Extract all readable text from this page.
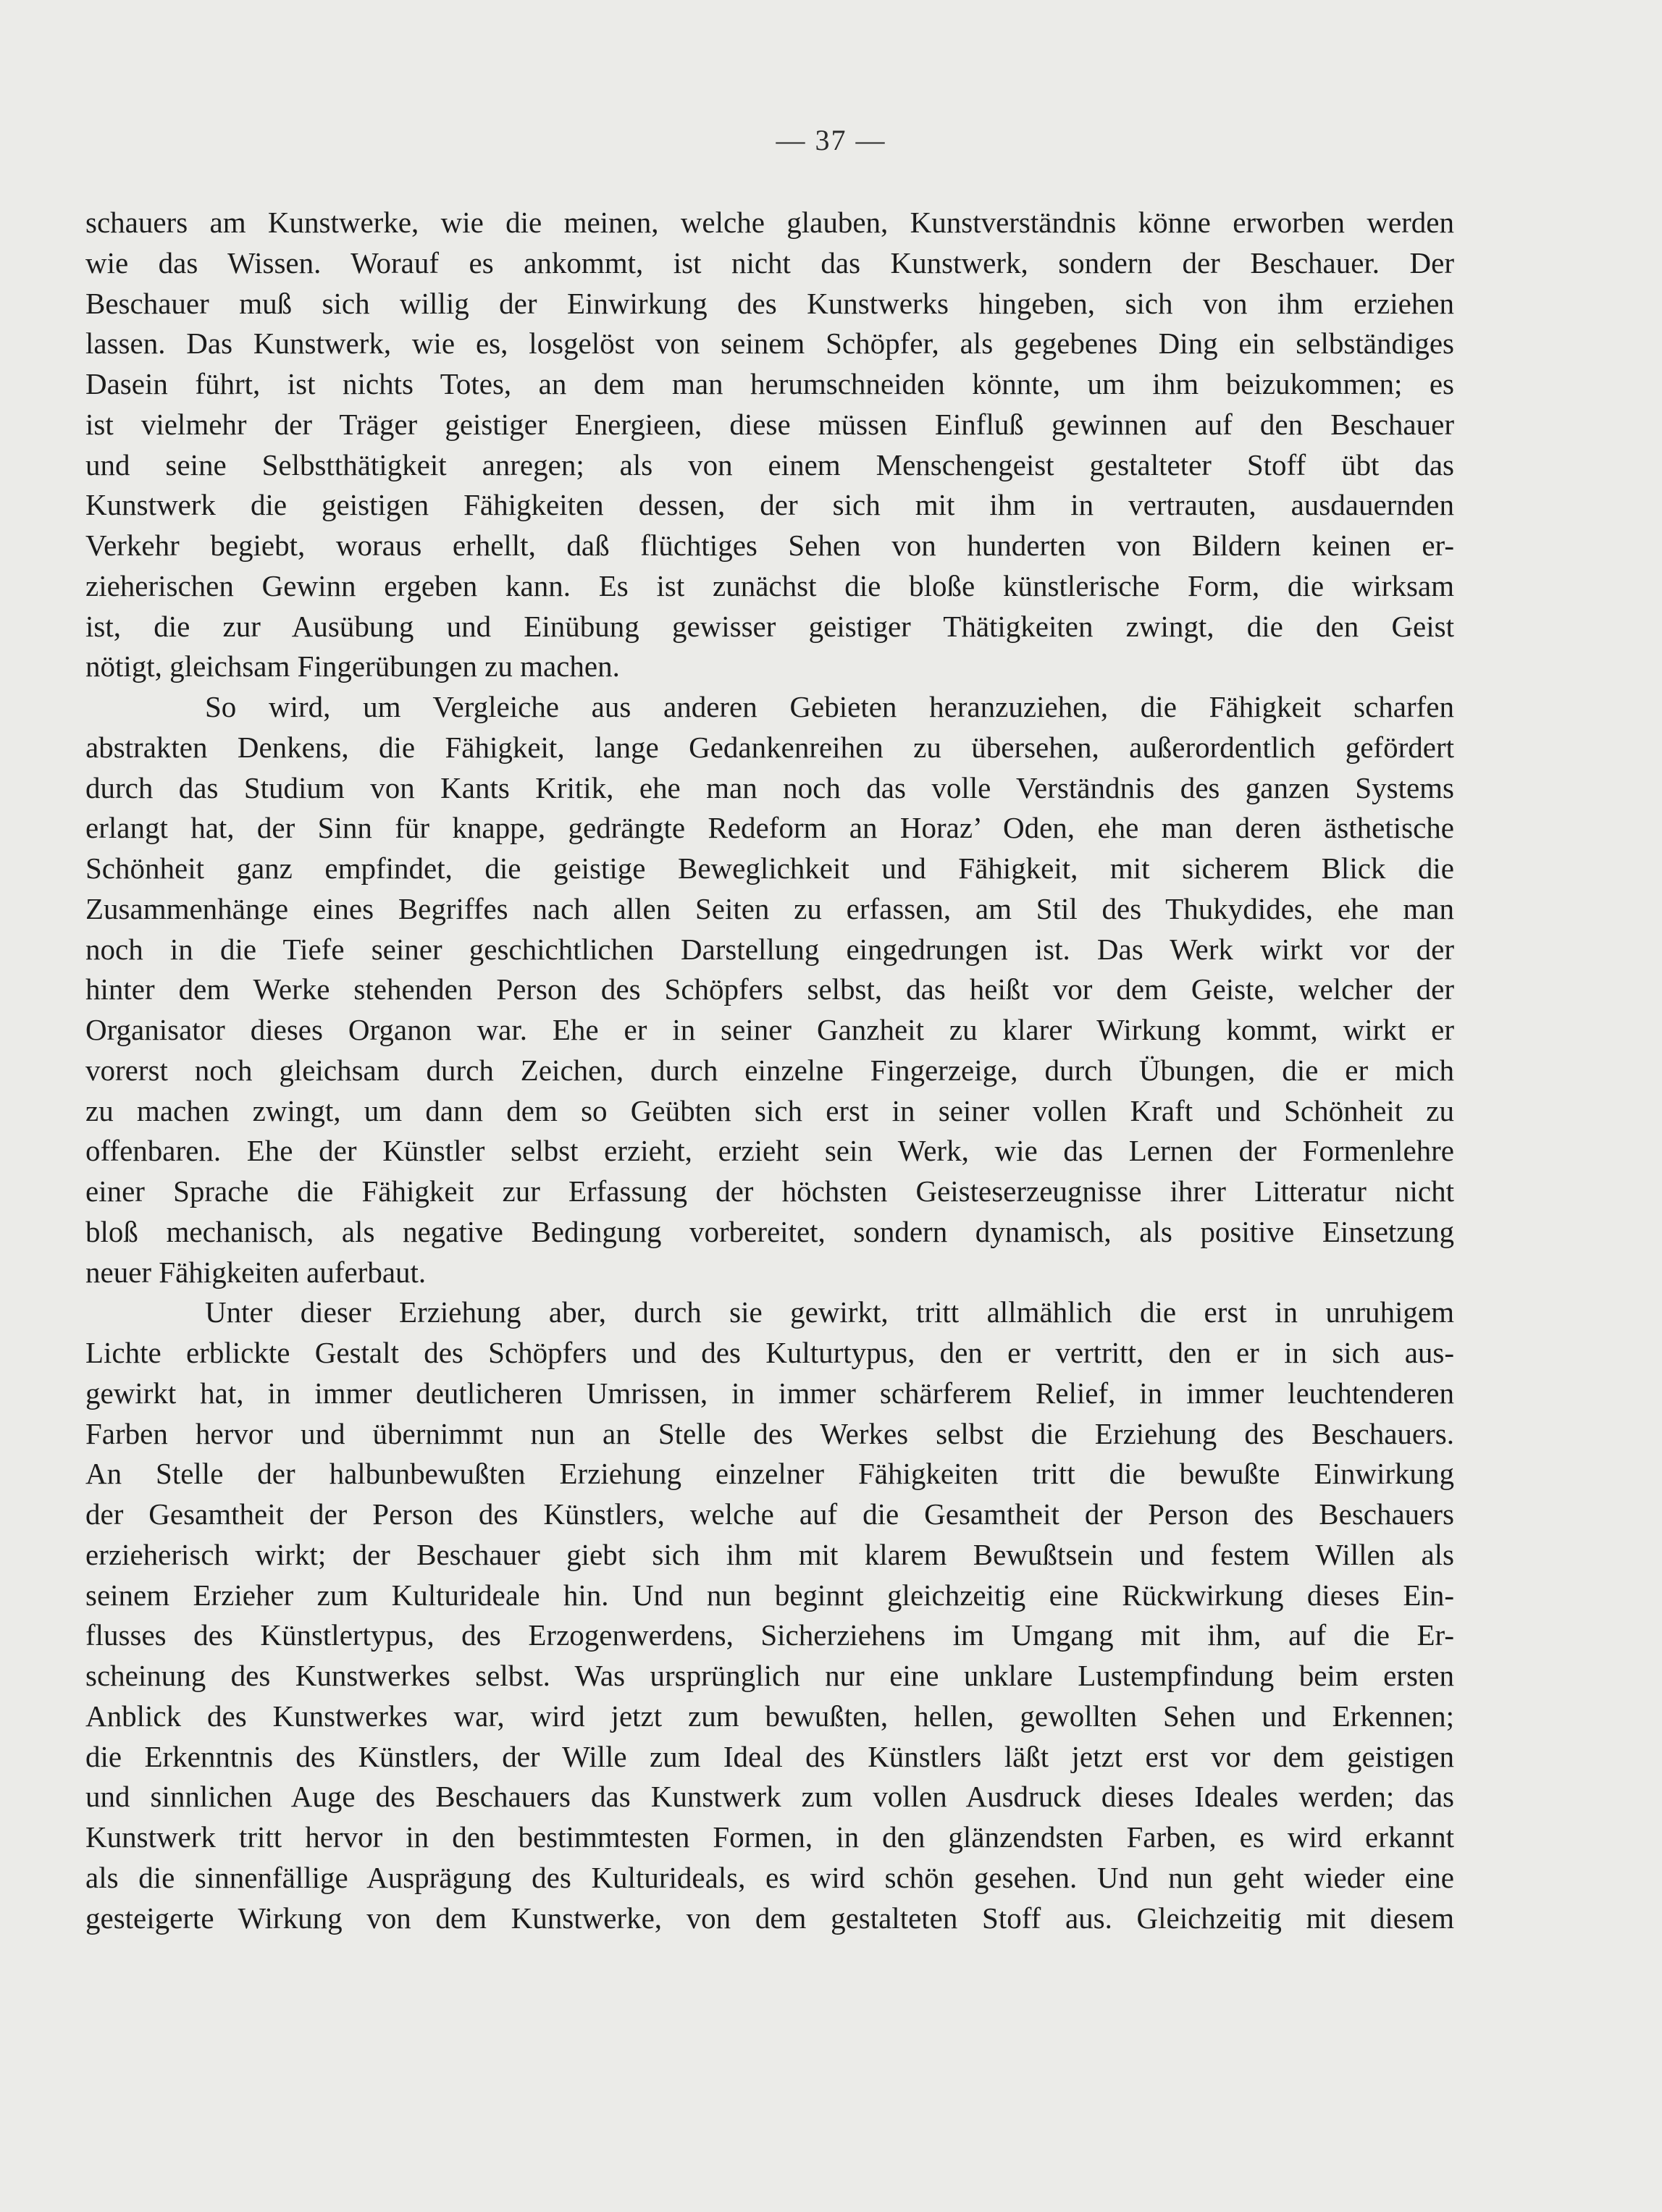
— 37 —
schauers am Kunstwerke, wie die meinen, welche glauben, Kunstverständnis könne erworben werden
wie das Wissen. Worauf es ankommt, ist nicht das Kunstwerk, sondern der Beschauer. Der
Beschauer muß sich willig der Einwirkung des Kunstwerks hingeben, sich von ihm erziehen
lassen. Das Kunstwerk, wie es, losgelöst von seinem Schöpfer, als gegebenes Ding ein selbständiges
Dasein führt, ist nichts Totes, an dem man herumschneiden könnte, um ihm beizukommen; es
ist vielmehr der Träger geistiger Energieen, diese müssen Einfluß gewinnen auf den Beschauer
und seine Selbstthätigkeit anregen; als von einem Menschengeist gestalteter Stoff übt das
Kunstwerk die geistigen Fähigkeiten dessen, der sich mit ihm in vertrauten, ausdauernden
Verkehr begiebt, woraus erhellt, daß flüchtiges Sehen von hunderten von Bildern keinen er-
zieherischen Gewinn ergeben kann. Es ist zunächst die bloße künstlerische Form, die wirksam
ist, die zur Ausübung und Einübung gewisser geistiger Thätigkeiten zwingt, die den Geist
nötigt, gleichsam Fingerübungen zu machen.
So wird, um Vergleiche aus anderen Gebieten heranzuziehen, die Fähigkeit scharfen
abstrakten Denkens, die Fähigkeit, lange Gedankenreihen zu übersehen, außerordentlich gefördert
durch das Studium von Kants Kritik, ehe man noch das volle Verständnis des ganzen Systems
erlangt hat, der Sinn für knappe, gedrängte Redeform an Horaz’ Oden, ehe man deren ästhetische
Schönheit ganz empfindet, die geistige Beweglichkeit und Fähigkeit, mit sicherem Blick die
Zusammenhänge eines Begriffes nach allen Seiten zu erfassen, am Stil des Thukydides, ehe man
noch in die Tiefe seiner geschichtlichen Darstellung eingedrungen ist. Das Werk wirkt vor der
hinter dem Werke stehenden Person des Schöpfers selbst, das heißt vor dem Geiste, welcher der
Organisator dieses Organon war. Ehe er in seiner Ganzheit zu klarer Wirkung kommt, wirkt er
vorerst noch gleichsam durch Zeichen, durch einzelne Fingerzeige, durch Übungen, die er mich
zu machen zwingt, um dann dem so Geübten sich erst in seiner vollen Kraft und Schönheit zu
offenbaren. Ehe der Künstler selbst erzieht, erzieht sein Werk, wie das Lernen der Formenlehre
einer Sprache die Fähigkeit zur Erfassung der höchsten Geisteserzeugnisse ihrer Litteratur nicht
bloß mechanisch, als negative Bedingung vorbereitet, sondern dynamisch, als positive Einsetzung
neuer Fähigkeiten auferbaut.
Unter dieser Erziehung aber, durch sie gewirkt, tritt allmählich die erst in unruhigem
Lichte erblickte Gestalt des Schöpfers und des Kulturtypus, den er vertritt, den er in sich aus-
gewirkt hat, in immer deutlicheren Umrissen, in immer schärferem Relief, in immer leuchtenderen
Farben hervor und übernimmt nun an Stelle des Werkes selbst die Erziehung des Beschauers.
An Stelle der halbunbewußten Erziehung einzelner Fähigkeiten tritt die bewußte Einwirkung
der Gesamtheit der Person des Künstlers, welche auf die Gesamtheit der Person des Beschauers
erzieherisch wirkt; der Beschauer giebt sich ihm mit klarem Bewußtsein und festem Willen als
seinem Erzieher zum Kulturideale hin. Und nun beginnt gleichzeitig eine Rückwirkung dieses Ein-
flusses des Künstlertypus, des Erzogenwerdens, Sicherziehens im Umgang mit ihm, auf die Er-
scheinung des Kunstwerkes selbst. Was ursprünglich nur eine unklare Lustempfindung beim ersten
Anblick des Kunstwerkes war, wird jetzt zum bewußten, hellen, gewollten Sehen und Erkennen;
die Erkenntnis des Künstlers, der Wille zum Ideal des Künstlers läßt jetzt erst vor dem geistigen
und sinnlichen Auge des Beschauers das Kunstwerk zum vollen Ausdruck dieses Ideales werden; das
Kunstwerk tritt hervor in den bestimmtesten Formen, in den glänzendsten Farben, es wird erkannt
als die sinnenfällige Ausprägung des Kulturideals, es wird schön gesehen. Und nun geht wieder eine
gesteigerte Wirkung von dem Kunstwerke, von dem gestalteten Stoff aus. Gleichzeitig mit diesem
